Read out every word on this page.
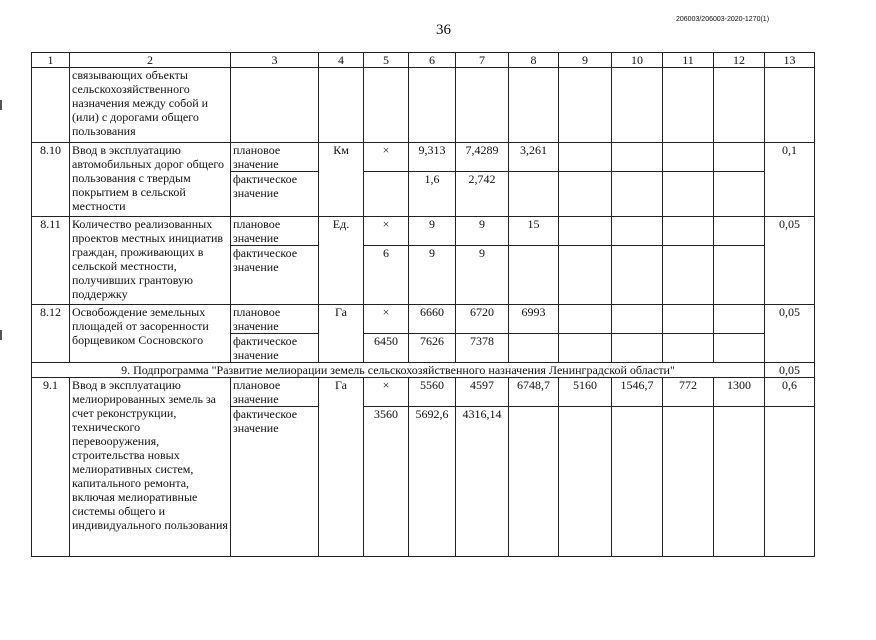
36
206003/206003-2020-1270(1)
1	2	3	4	5	6	7	8	9	10	11	12	13
	связывающих объекты сельскохозяйственного назначения между собой и (или) с дорогами общего пользования											
8.10	Ввод в эксплуатацию автомобильных дорог общего пользования с твердым покрытием в сельской местности	плановое значение	Км	×	9,313	7,4289	3,261					0,1
		фактическое значение			1,6	2,742						
8.11	Количество реализованных проектов местных инициатив граждан, проживающих в сельской местности, получивших грантовую поддержку	плановое значение	Ед.	×	9	9	15					0,05
		фактическое значение		6	9	9						
8.12	Освобождение земельных площадей от засоренности борщевиком Сосновского	плановое значение	Га	×	6660	6720	6993					0,05
		фактическое значение		6450	7626	7378						
9. Подпрограмма "Развитие мелиорации земель сельскохозяйственного назначения Ленинградской области"												0,05
9.1	Ввод в эксплуатацию мелиорированных земель за счет реконструкции, технического перевооружения, строительства новых мелиоративных систем, капитального ремонта, включая мелиоративные системы общего и индивидуального пользования	плановое значение	Га	×	5560	4597	6748,7	5160	1546,7	772	1300	0,6
		фактическое значение		3560	5692,6	4316,14						
